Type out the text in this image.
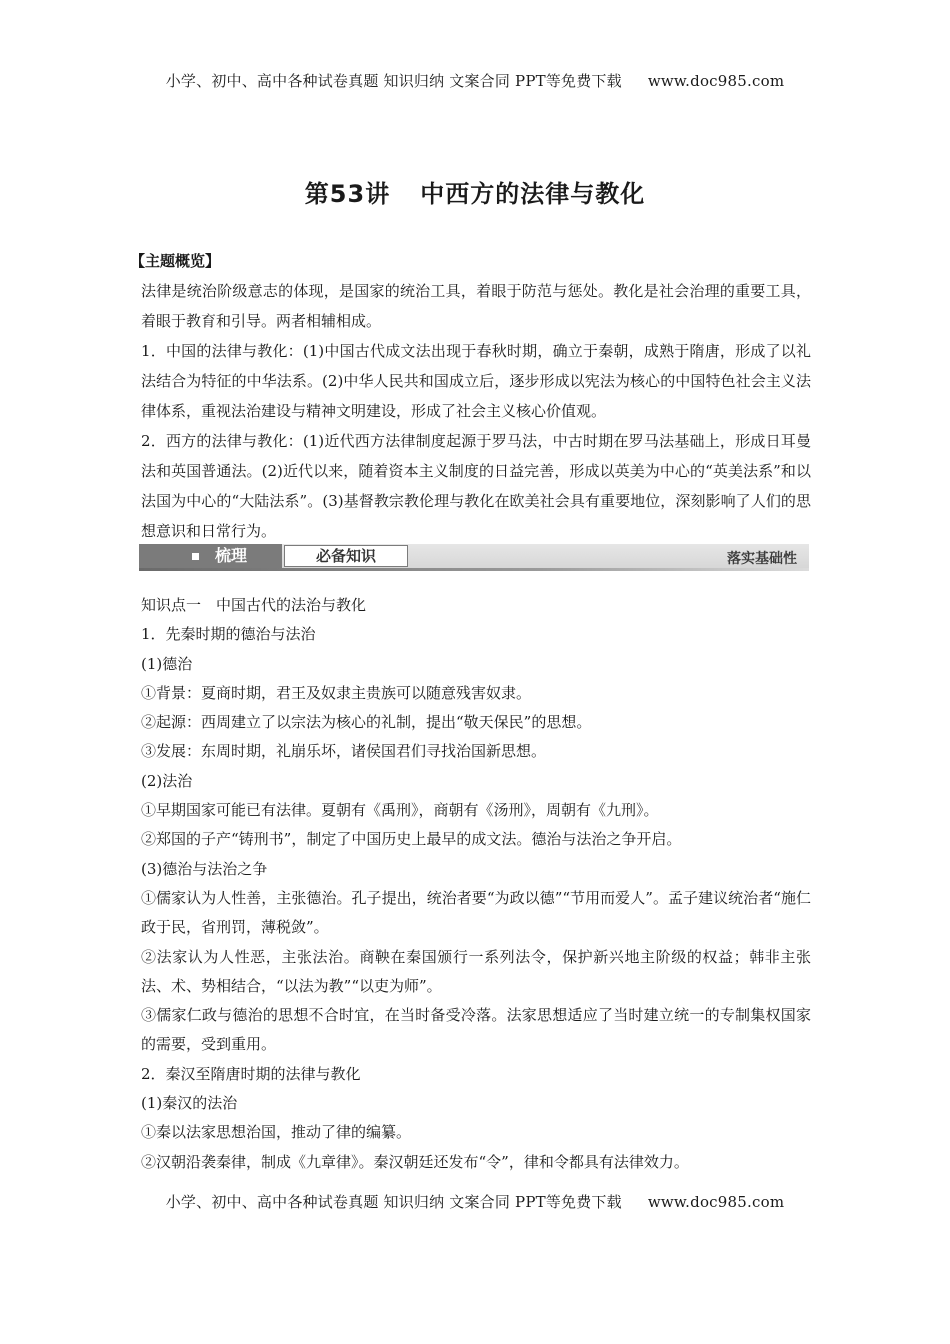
小学、初中、高中各种试卷真题 知识归纳 文案合同 PPT等免费下载 www.doc985.com
第53讲 中西方的法律与教化
【主题概览】

法律是统治阶级意志的体现，是国家的统治工具，着眼于防范与惩处。教化是社会治理的重要工具，着眼于教育和引导。两者相辅相成。

1．中国的法律与教化：(1)中国古代成文法出现于春秋时期，确立于秦朝，成熟于隋唐，形成了以礼法结合为特征的中华法系。(2)中华人民共和国成立后，逐步形成以宪法为核心的中国特色社会主义法律体系，重视法治建设与精神文明建设，形成了社会主义核心价值观。

2．西方的法律与教化：(1)近代西方法律制度起源于罗马法，中古时期在罗马法基础上，形成日耳曼法和英国普通法。(2)近代以来，随着资本主义制度的日益完善，形成以英美为中心的“英美法系”和以法国为中心的“大陆法系”。(3)基督教宗教伦理与教化在欧美社会具有重要地位，深刻影响了人们的思想意识和日常行为。

梳理	必备知识	落实基础性

知识点一　中国古代的法治与教化

1．先秦时期的德治与法治

(1)德治

①背景：夏商时期，君王及奴隶主贵族可以随意残害奴隶。

②起源：西周建立了以宗法为核心的礼制，提出“敬天保民”的思想。

③发展：东周时期，礼崩乐坏，诸侯国君们寻找治国新思想。

(2)法治

①早期国家可能已有法律。夏朝有《禹刑》，商朝有《汤刑》，周朝有《九刑》。

②郑国的子产“铸刑书”，制定了中国历史上最早的成文法。德治与法治之争开启。

(3)德治与法治之争

①儒家认为人性善，主张德治。孔子提出，统治者要“为政以德”“节用而爱人”。孟子建议统治者“施仁政于民，省刑罚，薄税敛”。

②法家认为人性恶，主张法治。商鞅在秦国颁行一系列法令，保护新兴地主阶级的权益；韩非主张法、术、势相结合，“以法为教”“以吏为师”。

③儒家仁政与德治的思想不合时宜，在当时备受冷落。法家思想适应了当时建立统一的专制集权国家的需要，受到重用。

2．秦汉至隋唐时期的法律与教化

(1)秦汉的法治

①秦以法家思想治国，推动了律的编纂。

②汉朝沿袭秦律，制成《九章律》。秦汉朝廷还发布“令”，律和令都具有法律效力。

小学、初中、高中各种试卷真题 知识归纳 文案合同 PPT等免费下载 www.doc985.com
